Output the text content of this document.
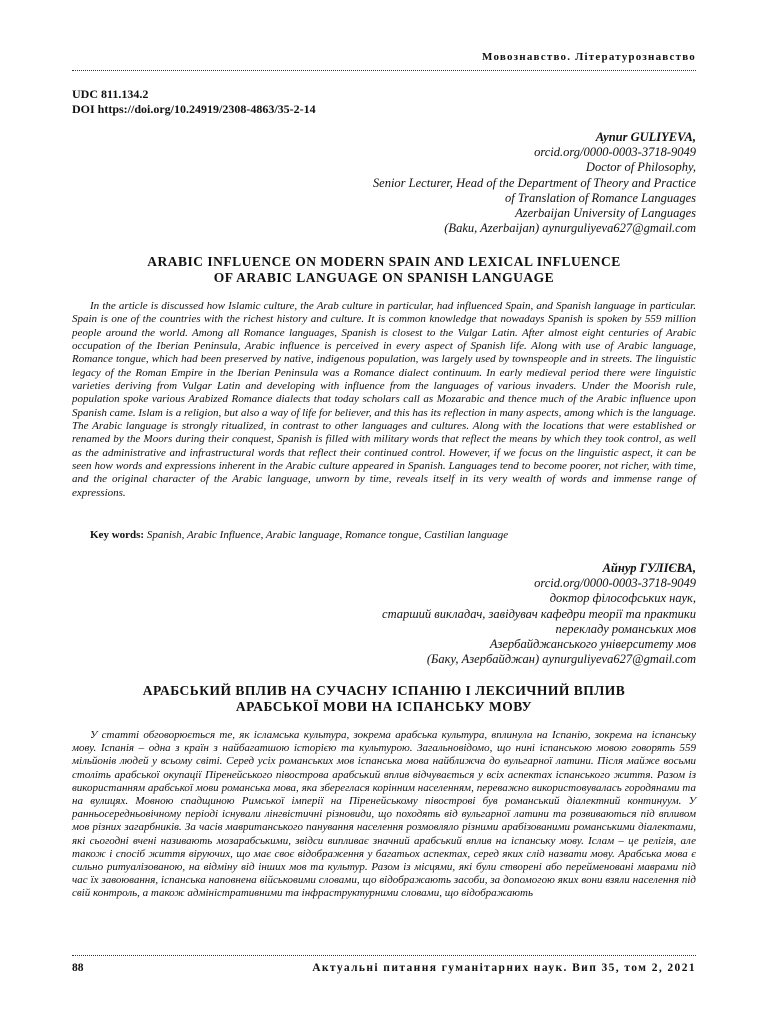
Мовознавство. Літературознавство
UDC 811.134.2
DOI https://doi.org/10.24919/2308-4863/35-2-14
Aynur GULIYEVA,
orcid.org/0000-0003-3718-9049
Doctor of Philosophy,
Senior Lecturer, Head of the Department of Theory and Practice
of Translation of Romance Languages
Azerbaijan University of Languages
(Baku, Azerbaijan) aynurguliyeva627@gmail.com
ARABIC INFLUENCE ON MODERN SPAIN AND LEXICAL INFLUENCE
OF ARABIC LANGUAGE ON SPANISH LANGUAGE

In the article is discussed how Islamic culture, the Arab culture in particular, had influenced Spain, and Spanish language in particular. Spain is one of the countries with the richest history and culture. It is common knowledge that nowadays Spanish is spoken by 559 million people around the world. Among all Romance languages, Spanish is closest to the Vulgar Latin. After almost eight centuries of Arabic occupation of the Iberian Peninsula, Arabic influence is perceived in every aspect of Spanish life. Along with use of Arabic language, Romance tongue, which had been preserved by native, indigenous population, was largely used by townspeople and in streets. The linguistic legacy of the Roman Empire in the Iberian Peninsula was a Romance dialect continuum. In early medieval period there were linguistic varieties deriving from Vulgar Latin and developing with influence from the languages of various invaders. Under the Moorish rule, population spoke various Arabized Romance dialects that today scholars call as Mozarabic and thence much of the Arabic influence upon Spanish came. Islam is a religion, but also a way of life for believer, and this has its reflection in many aspects, among which is the language. The Arabic language is strongly ritualized, in contrast to other languages and cultures. Along with the locations that were established or renamed by the Moors during their conquest, Spanish is filled with military words that reflect the means by which they took control, as well as the administrative and infrastructural words that reflect their continued control. However, if we focus on the linguistic aspect, it can be seen how words and expressions inherent in the Arabic culture appeared in Spanish. Languages tend to become poorer, not richer, with time, and the original character of the Arabic language, unworn by time, reveals itself in its very wealth of words and immense range of expressions.

Key words: Spanish, Arabic Influence, Arabic language, Romance tongue, Castilian language
Айнур ГУЛІЄВА,
orcid.org/0000-0003-3718-9049
доктор філософських наук,
старший викладач, завідувач кафедри теорії та практики
перекладу романських мов
Азербайджанського університету мов
(Баку, Азербайджан) aynurguliyeva627@gmail.com
АРАБСЬКИЙ ВПЛИВ НА СУЧАСНУ ІСПАНІЮ І ЛЕКСИЧНИЙ ВПЛИВ
АРАБСЬКОЇ МОВИ НА ІСПАНСЬКУ МОВУ

У статті обговорюється те, як ісламська культура, зокрема арабська культура, вплинула на Іспанію, зокрема на іспанську мову. Іспанія – одна з країн з найбагатшою історією та культурою. Загальновідомо, що нині іспанською мовою говорять 559 мільйонів людей у всьому світі. Серед усіх романських мов іспанська мова найближча до вульгарної латини. Після майже восьми століть арабської окупації Піренейського півострова арабський вплив відчувається у всіх аспектах іспанського життя. Разом із використанням арабської мови романська мова, яка збереглася корінним населенням, переважно використовувалась городянами та на вулицях. Мовною спадщиною Римської імперії на Піренейському півострові був романський діалектний континуум. У ранньосередньовічному періоді існували лінгвістичні різновиди, що походять від вульгарної латини та розвиваються під впливом мов різних загарбників. За часів мавританського панування населення розмовляло різними арабізованими романськими діалектами, які сьогодні вчені називають мозарабськими, звідси випливає значний арабський вплив на іспанську мову. Іслам – це релігія, але також і спосіб життя віруючих, що має своє відображення у багатьох аспектах, серед яких слід назвати мову. Арабська мова є сильно ритуалізованою, на відміну від інших мов та культур. Разом із місцями, які були створені або перейменовані маврами під час їх завоювання, іспанська наповнена військовими словами, що відображають засоби, за допомогою яких вони взяли населення під свій контроль, а також адміністративними та інфраструктурними словами, що відображають

88	Актуальні питання гуманітарних наук. Вип 35, том 2, 2021
